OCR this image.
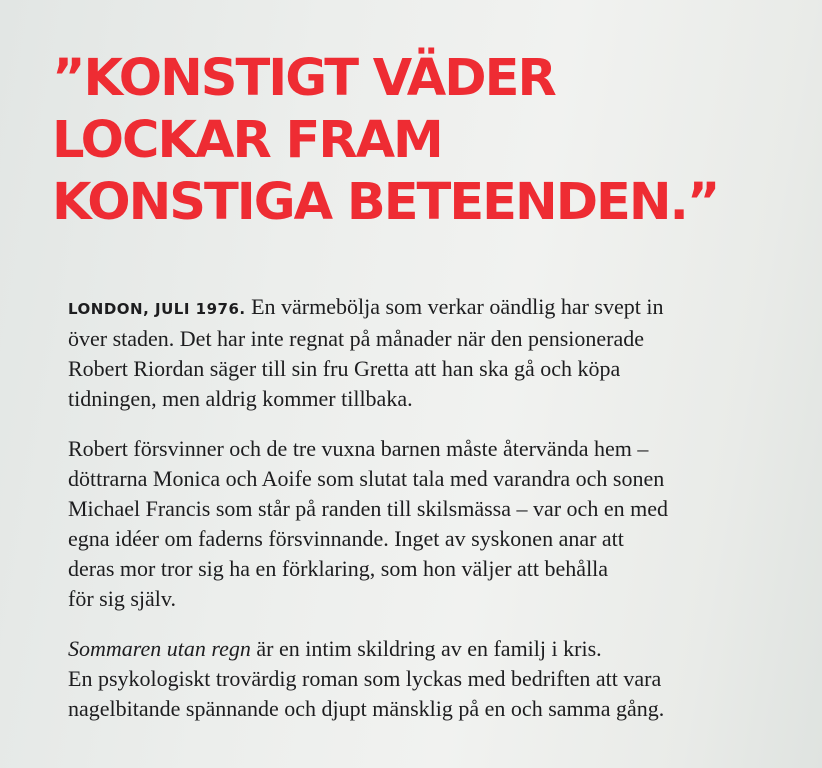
”KONSTIGT VÄDER
LOCKAR FRAM
KONSTIGA BETEENDEN.”

LONDON, JULI 1976. En värmebölja som verkar oändlig har svept in
över staden. Det har inte regnat på månader när den pensionerade
Robert Riordan säger till sin fru Gretta att han ska gå och köpa
tidningen, men aldrig kommer tillbaka.

Robert försvinner och de tre vuxna barnen måste återvända hem –
döttrarna Monica och Aoife som slutat tala med varandra och sonen
Michael Francis som står på randen till skilsmässa – var och en med
egna idéer om faderns försvinnande. Inget av syskonen anar att
deras mor tror sig ha en förklaring, som hon väljer att behålla
för sig själv.

Sommaren utan regn är en intim skildring av en familj i kris.
En psykologiskt trovärdig roman som lyckas med bedriften att vara
nagelbitande spännande och djupt mänsklig på en och samma gång.
